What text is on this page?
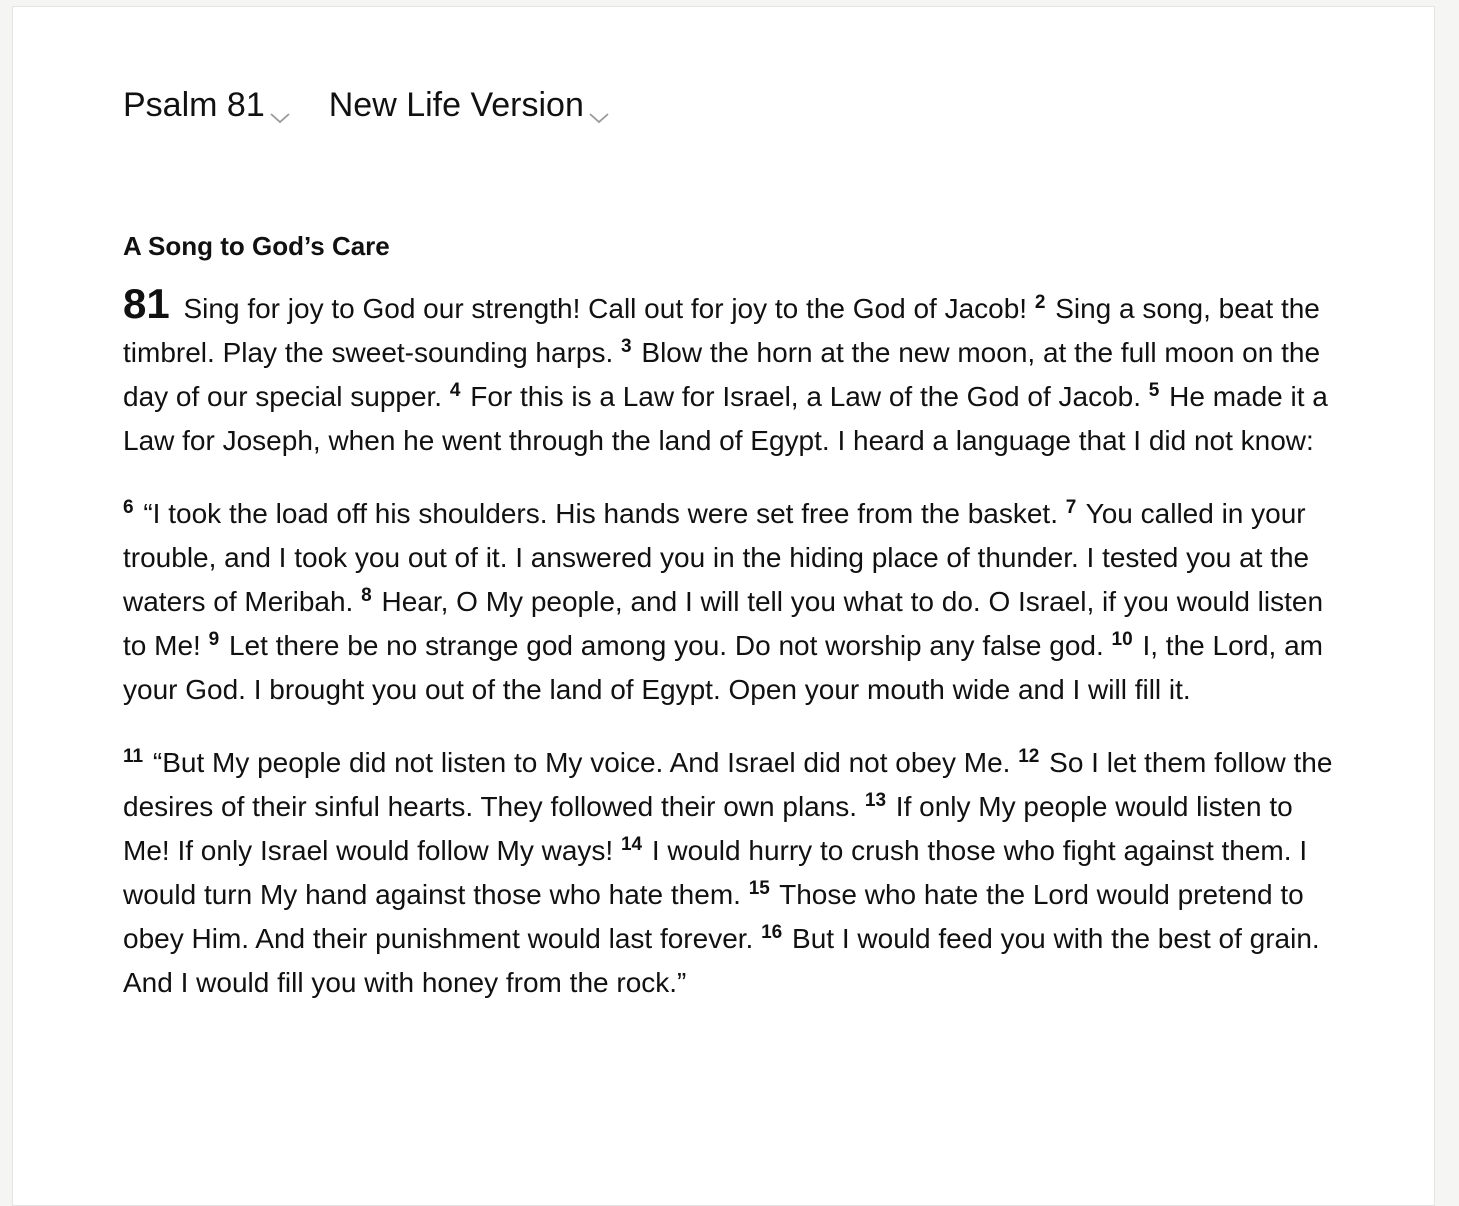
Psalm 81 New Life Version
A Song to God’s Care

81 Sing for joy to God our strength! Call out for joy to the God of Jacob! $^2$ Sing a song, beat the timbrel. Play the sweet-sounding harps. $^3$ Blow the horn at the new moon, at the full moon on the day of our special supper. $^4$ For this is a Law for Israel, a Law of the God of Jacob. $^5$ He made it a Law for Joseph, when he went through the land of Egypt. I heard a language that I did not know:

$^6$ “I took the load off his shoulders. His hands were set free from the basket. $^7$ You called in your trouble, and I took you out of it. I answered you in the hiding place of thunder. I tested you at the waters of Meribah. $^8$ Hear, O My people, and I will tell you what to do. O Israel, if you would listen to Me! $^9$ Let there be no strange god among you. Do not worship any false god. $^{10}$ I, the Lord, am your God. I brought you out of the land of Egypt. Open your mouth wide and I will fill it.

$^{11}$ “But My people did not listen to My voice. And Israel did not obey Me. $^{12}$ So I let them follow the desires of their sinful hearts. They followed their own plans. $^{13}$ If only My people would listen to Me! If only Israel would follow My ways! $^{14}$ I would hurry to crush those who fight against them. I would turn My hand against those who hate them. $^{15}$ Those who hate the Lord would pretend to obey Him. And their punishment would last forever. $^{16}$ But I would feed you with the best of grain. And I would fill you with honey from the rock.”
